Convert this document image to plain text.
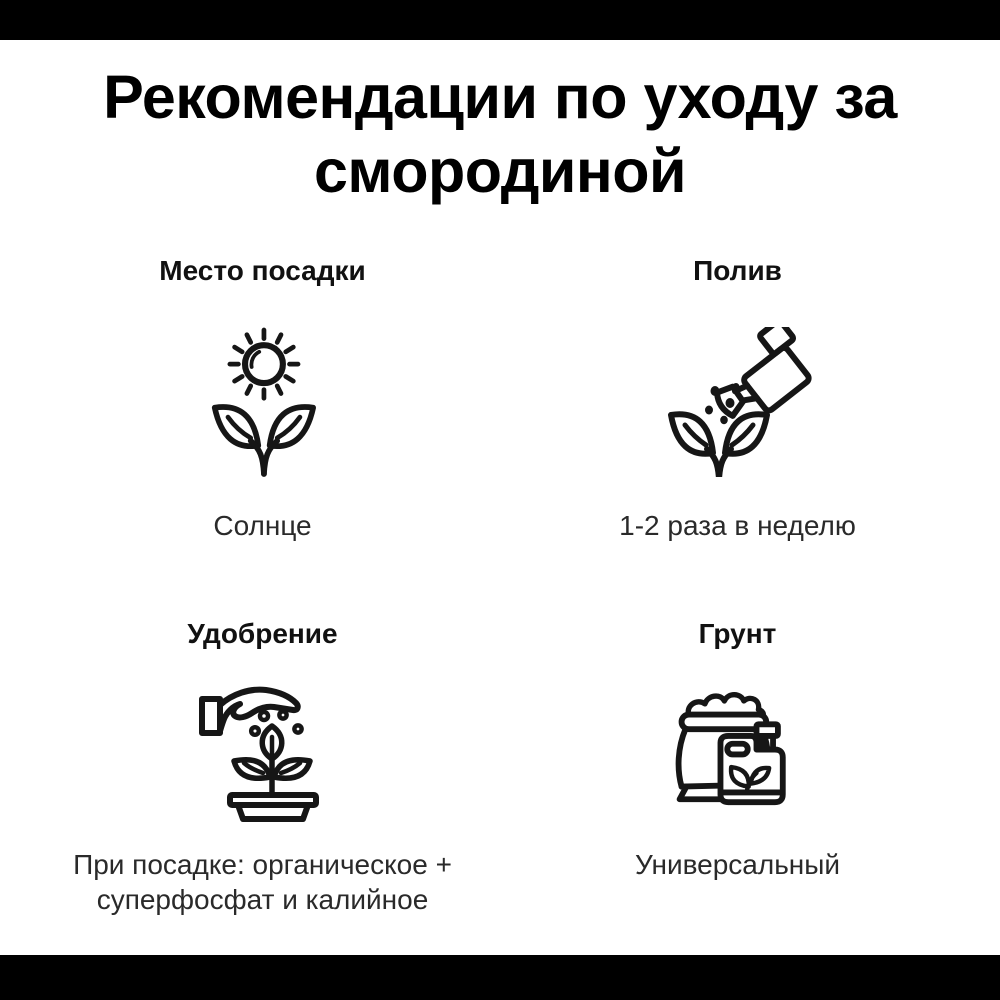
Рекомендации по уходу за смородиной
Место посадки
Солнце
Полив
1-2 раза в неделю
Удобрение
При посадке: органическое + суперфосфат и калийное
Грунт
Универсальный
